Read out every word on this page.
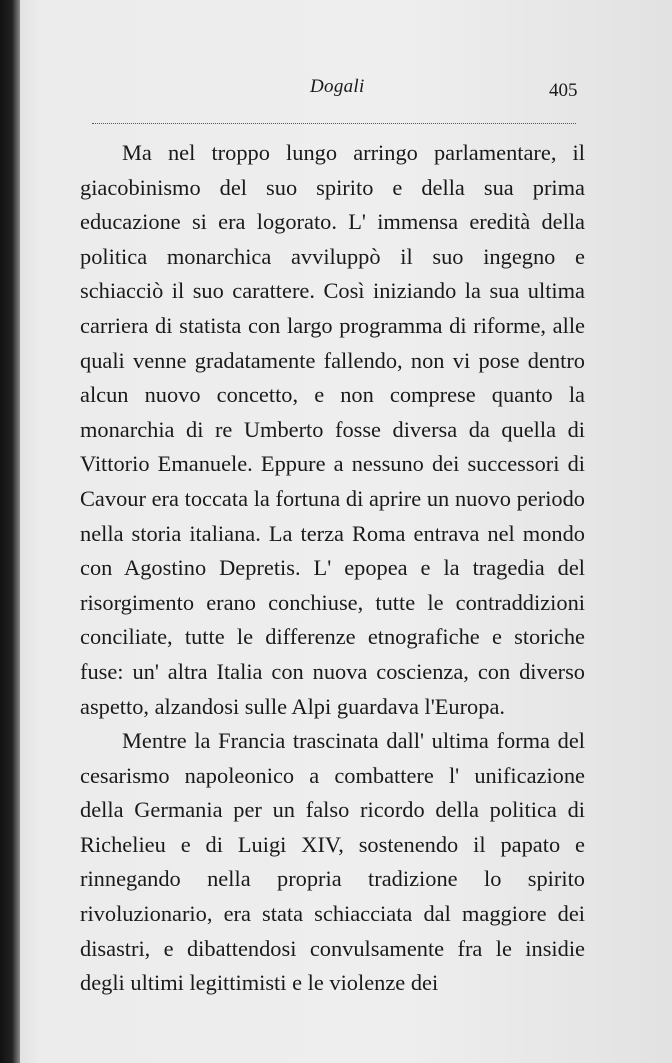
Dogali	405

Ma nel troppo lungo arringo parlamentare, il giacobinismo del suo spirito e della sua prima educazione si era logorato. L' immensa eredità della politica monarchica avviluppò il suo ingegno e schiacciò il suo carattere. Così iniziando la sua ultima carriera di statista con largo programma di riforme, alle quali venne gradatamente fallendo, non vi pose dentro alcun nuovo concetto, e non comprese quanto la monarchia di re Umberto fosse diversa da quella di Vittorio Emanuele. Eppure a nessuno dei successori di Cavour era toccata la fortuna di aprire un nuovo periodo nella storia italiana. La terza Roma entrava nel mondo con Agostino Depretis. L' epopea e la tragedia del risorgimento erano conchiuse, tutte le contraddizioni conciliate, tutte le differenze etnografiche e storiche fuse: un' altra Italia con nuova coscienza, con diverso aspetto, alzandosi sulle Alpi guardava l'Europa.

Mentre la Francia trascinata dall' ultima forma del cesarismo napoleonico a combattere l' unificazione della Germania per un falso ricordo della politica di Richelieu e di Luigi XIV, sostenendo il papato e rinnegando nella propria tradizione lo spirito rivoluzionario, era stata schiacciata dal maggiore dei disastri, e dibattendosi convulsamente fra le insidie degli ultimi legittimisti e le violenze dei
